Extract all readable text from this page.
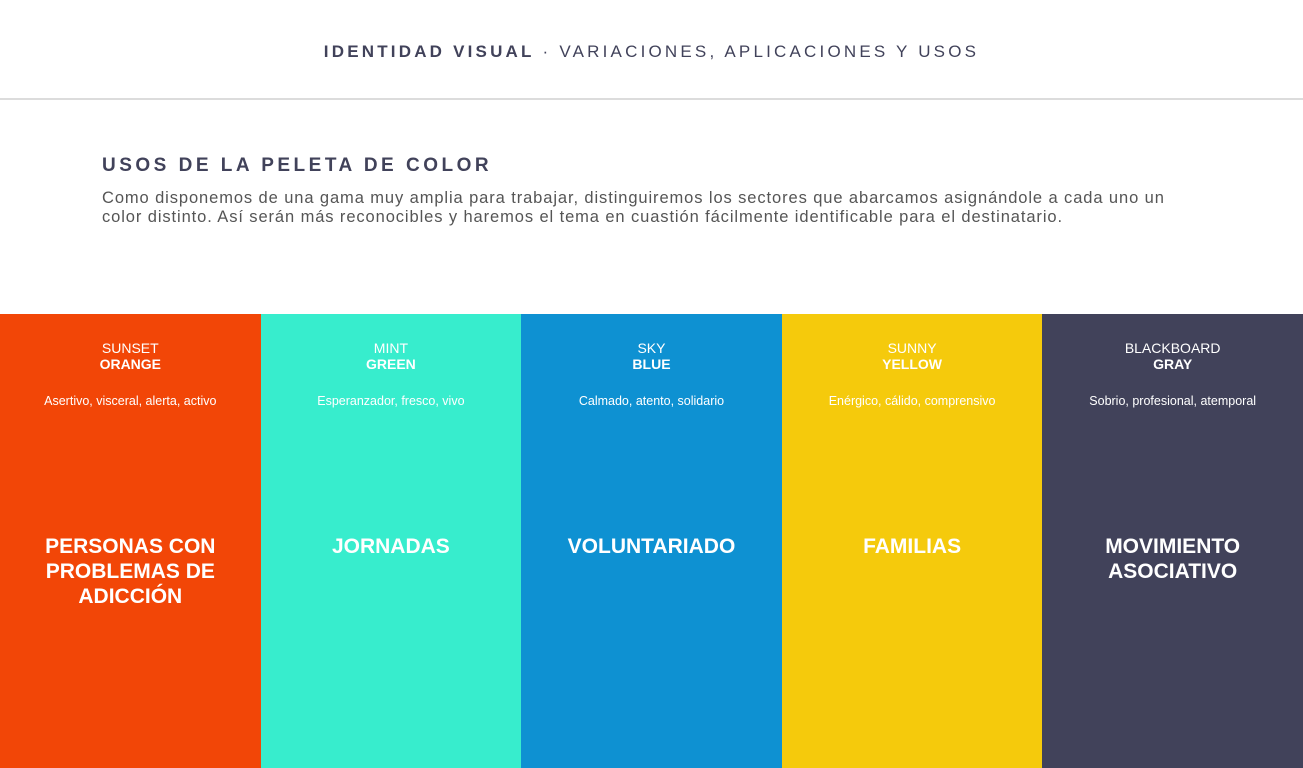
IDENTIDAD VISUAL · VARIACIONES, APLICACIONES Y USOS
USOS DE LA PELETA DE COLOR

Como disponemos de una gama muy amplia para trabajar, distinguiremos los sectores que abarcamos asignándole a cada uno un color distinto. Así serán más reconocibles y haremos el tema en cuastión fácilmente identificable para el destinatario.

SUNSET
ORANGE
Asertivo, visceral, alerta, activo
PERSONAS CON PROBLEMAS DE ADICCIÓN
MINT
GREEN
Esperanzador, fresco, vivo
JORNADAS
SKY
BLUE
Calmado, atento, solidario
VOLUNTARIADO
SUNNY
YELLOW
Enérgico, cálido, comprensivo
FAMILIAS
BLACKBOARD
GRAY
Sobrio, profesional, atemporal
MOVIMIENTO ASOCIATIVO
